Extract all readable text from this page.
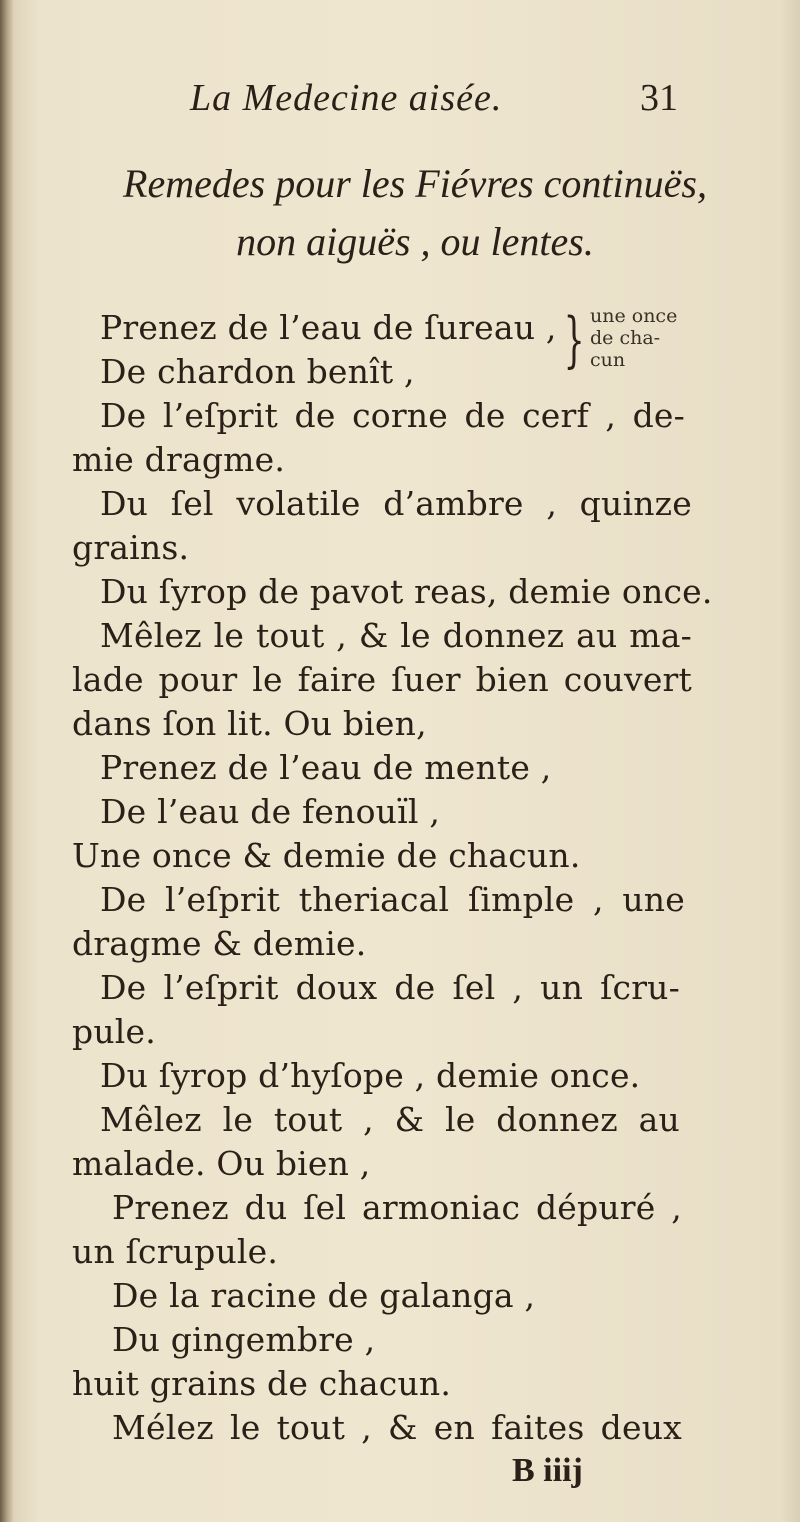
La Medecine aisée.	31
Remedes pour les Fiévres continuës,
non aiguës , ou lentes.
} une once
de cha-
cun
Prenez de l’eau de ſureau ,
De chardon benît ,
De l’eſprit de corne de cerf , de-
mie dragme.
Du ſel volatile d’ambre , quinze
grains.
Du ſyrop de pavot reas, demie once.
Mêlez le tout , & le donnez au ma-
lade pour le faire ſuer bien couvert
dans ſon lit. Ou bien,
Prenez de l’eau de mente ,
De l’eau de fenouïl ,
Une once & demie de chacun.
De l’eſprit theriacal ſimple , une
dragme & demie.
De l’eſprit doux de ſel , un ſcru-
pule.
Du ſyrop d’hyſope , demie once.
Mêlez le tout , & le donnez au
malade. Ou bien ,
Prenez du ſel armoniac dépuré ,
un ſcrupule.
De la racine de galanga ,
Du gingembre ,
huit grains de chacun.
Mélez le tout , & en faites deux
B iiij
